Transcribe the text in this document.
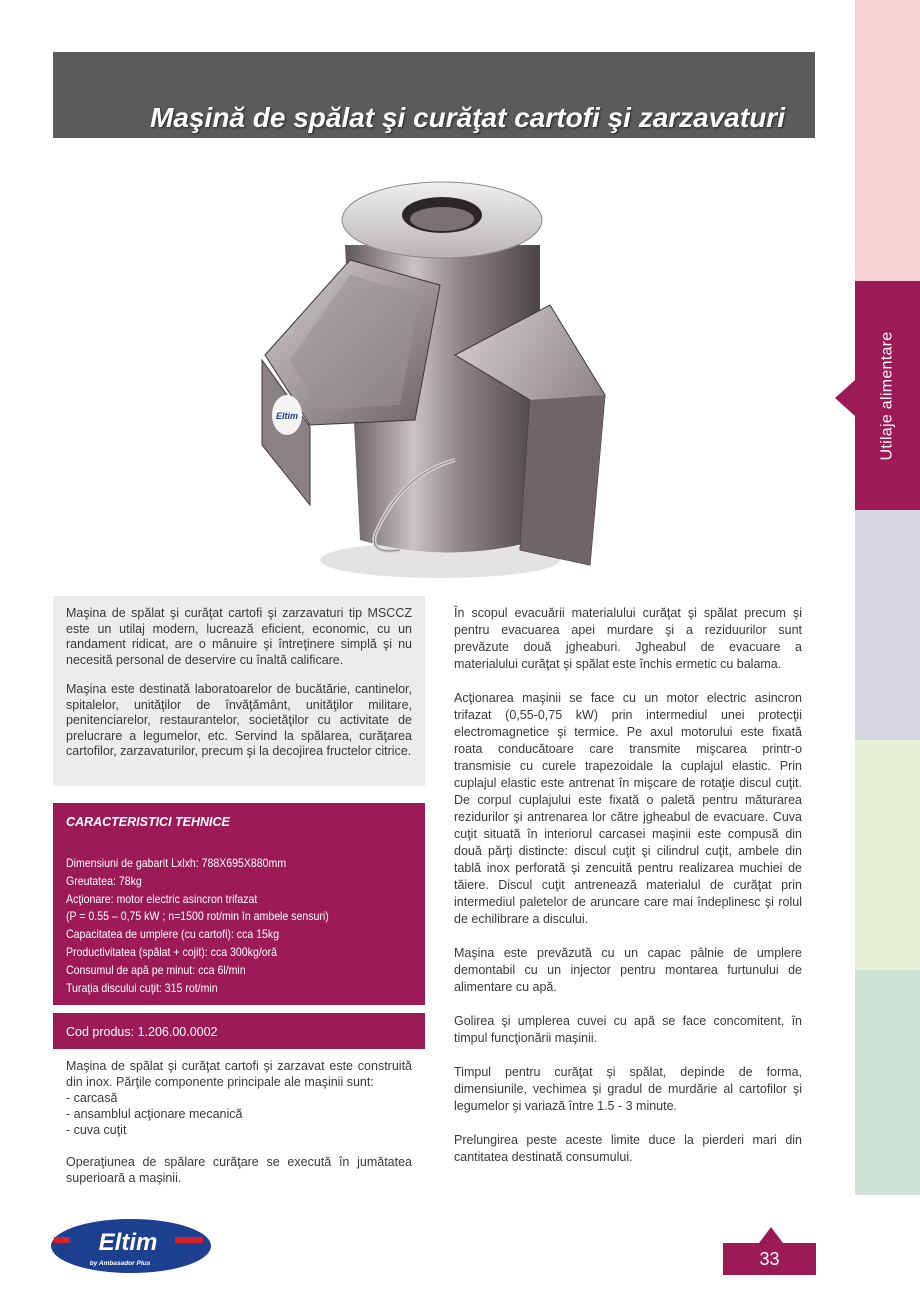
Utilaje alimentare
Maşină de spălat şi curăţat cartofi şi zarzavaturi
Eltim

Maşina de spălat şi curăţat cartofi şi zarzavaturi tip MSCCZ este un utilaj modern, lucrează eficient, economic, cu un randament ridicat, are o mânuire şi întreţinere simplă şi nu necesită personal de deservire cu înaltă calificare.

Maşina este destinată laboratoarelor de bucătărie, cantinelor, spitalelor, unităţilor de învăţământ, unităţilor militare, penitenciarelor, restaurantelor, societăţilor cu activitate de prelucrare a legumelor, etc. Servind la spălarea, curăţarea cartofilor, zarzavaturilor, precum şi la decojirea fructelor citrice.

CARACTERISTICI TEHNICE
Dimensiuni de gabarit Lxlxh: 788X695X880mm
Greutatea: 78kg
Acţionare: motor electric asincron trifazat
(P = 0.55 – 0,75 kW ; n=1500 rot/min în ambele sensuri)
Capacitatea de umplere (cu cartofi): cca 15kg
Productivitatea (spălat + cojit): cca 300kg/oră
Consumul de apă pe minut: cca 6l/min
Turaţia discului cuţit: 315 rot/min
Cod produs: 1.206.00.0002

Maşina de spălat şi curăţat cartofi şi zarzavat este construită din inox. Părţile componente principale ale maşinii sunt:
- carcasă
- ansamblul acţionare mecanică
- cuva cuţit

Operaţiunea de spălare curăţare se execută în jumătatea superioară a maşinii.

În scopul evacuării materialului curăţat şi spălat precum şi pentru evacuarea apei murdare şi a reziduurilor sunt prevăzute două jgheaburi. Jgheabul de evacuare a materialului curăţat şi spălat este închis ermetic cu balama.

Acţionarea maşinii se face cu un motor electric asincron trifazat (0,55-0,75 kW) prin intermediul unei protecţii electromagnetice şi termice. Pe axul motorului este fixată roata conducătoare care transmite mişcarea printr-o transmisie cu curele trapezoidale la cuplajul elastic. Prin cuplajul elastic este antrenat în mişcare de rotaţie discul cuţit. De corpul cuplajului este fixată o paletă pentru măturarea rezidurilor şi antrenarea lor către jgheabul de evacuare. Cuva cuţit situată în interiorul carcasei maşinii este compusă din două părţi distincte: discul cuţit şi cilindrul cuţit, ambele din tablă inox perforată şi zencuită pentru realizarea muchiei de tăiere. Discul cuţit antrenează materialul de curăţat prin intermediul paletelor de aruncare care mai îndeplinesc şi rolul de echilibrare a discului.

Maşina este prevăzută cu un capac pâlnie de umplere demontabil cu un injector pentru montarea furtunului de alimentare cu apă.

Golirea şi umplerea cuvei cu apă se face concomitent, în timpul funcţionării maşinii.

Timpul pentru curăţat şi spălat, depinde de forma, dimensiunile, vechimea şi gradul de murdărie al cartofilor şi legumelor şi variază între 1.5 - 3 minute.

Prelungirea peste aceste limite duce la pierderi mari din cantitatea destinată consumului.

Eltim
by Ambasador Plus	33
